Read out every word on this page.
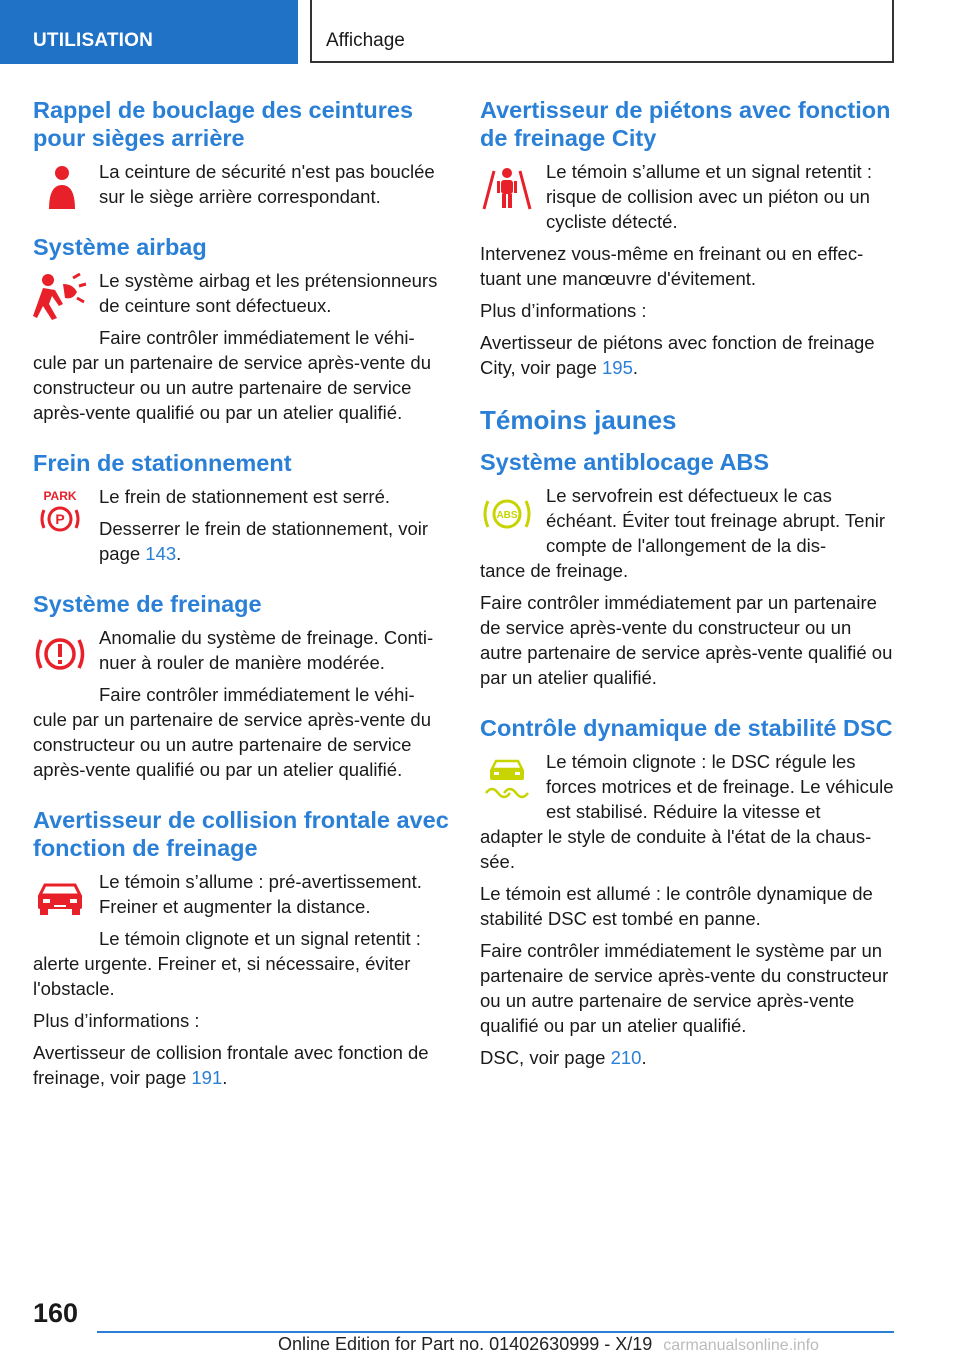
UTILISATION	Affichage
Rappel de bouclage des ceintures pour sièges arrière

La ceinture de sécurité n'est pas bouclée sur le siège arrière correspondant.

Système airbag

Le système airbag et les prétensionneurs de ceinture sont défectueux.

Faire contrôler immédiatement le véhi-

cule par un partenaire de service après-vente du constructeur ou un autre partenaire de service après-vente qualifié ou par un atelier qualifié.

Frein de stationnement
PARK
P

Le frein de stationnement est serré.

Desserrer le frein de stationnement, voir page 143.

Système de freinage

Anomalie du système de freinage. Continuer à rouler de manière modérée.

Faire contrôler immédiatement le véhi-

cule par un partenaire de service après-vente du constructeur ou un autre partenaire de service après-vente qualifié ou par un atelier qualifié.

Avertisseur de collision frontale avec fonction de freinage

Le témoin s’allume : pré-avertissement. Freiner et augmenter la distance.

Le témoin clignote et un signal retentit :

alerte urgente. Freiner et, si nécessaire, éviter l'obstacle.

Plus d’informations :

Avertisseur de collision frontale avec fonction de freinage, voir page 191.

Avertisseur de piétons avec fonction de freinage City

Le témoin s’allume et un signal retentit : risque de collision avec un piéton ou un cycliste détecté.

Intervenez vous-même en freinant ou en effectuant une manœuvre d'évitement.

Plus d’informations :

Avertisseur de piétons avec fonction de freinage City, voir page 195.

Témoins jaunes
Système antiblocage ABS
ABS

Le servofrein est défectueux le cas échéant. Éviter tout freinage abrupt. Tenir compte de l'allongement de la dis-

tance de freinage.

Faire contrôler immédiatement par un partenaire de service après-vente du constructeur ou un autre partenaire de service après-vente qualifié ou par un atelier qualifié.

Contrôle dynamique de stabilité DSC

Le témoin clignote : le DSC régule les forces motrices et de freinage. Le véhicule est stabilisé. Réduire la vitesse et

adapter le style de conduite à l'état de la chaussée.

Le témoin est allumé : le contrôle dynamique de stabilité DSC est tombé en panne.

Faire contrôler immédiatement le système par un partenaire de service après-vente du constructeur ou un autre partenaire de service après-vente qualifié ou par un atelier qualifié.

DSC, voir page 210.

160
Online Edition for Part no. 01402630999 - X/19 carmanualsonline.info
